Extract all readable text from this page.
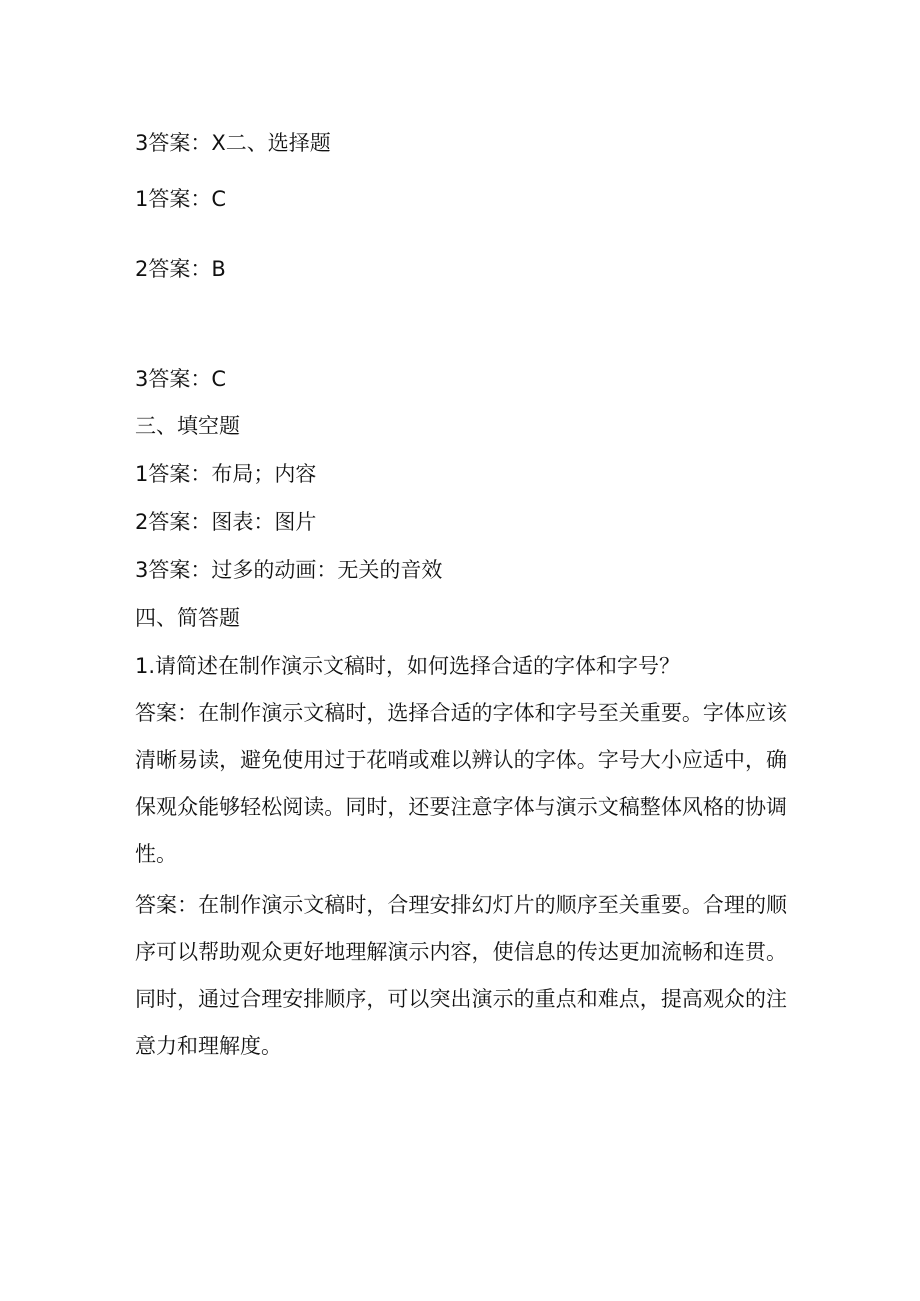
3答案：X二、选择题
1答案：C
2答案：B
3答案：C
三、填空题
1答案：布局；内容
2答案：图表：图片
3答案：过多的动画：无关的音效
四、简答题
1.请简述在制作演示文稿时，如何选择合适的字体和字号？

答案：在制作演示文稿时，选择合适的字体和字号至关重要。字体应该清晰易读，避免使用过于花哨或难以辨认的字体。字号大小应适中，确保观众能够轻松阅读。同时，还要注意字体与演示文稿整体风格的协调性。

答案：在制作演示文稿时，合理安排幻灯片的顺序至关重要。合理的顺序可以帮助观众更好地理解演示内容，使信息的传达更加流畅和连贯。同时，通过合理安排顺序，可以突出演示的重点和难点，提高观众的注意力和理解度。
